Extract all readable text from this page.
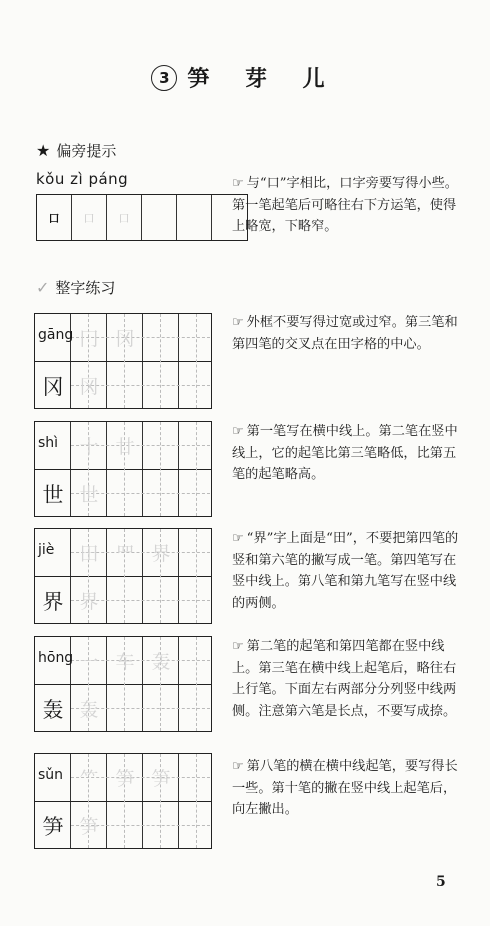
3 笋 芽 儿
★ 偏旁提示
kǒu zì páng
口	口	口
☞ 与“口”字相比，口字旁要写得小些。第一笔起笔后可略往右下方运笔，使得上略宽，下略窄。
✓ 整字练习
gāng
冈
冂 冈
冈
☞ 外框不要写得过宽或过窄。第三笔和第四笔的交叉点在田字格的中心。
shì
世
十 廿
世
☞ 第一笔写在横中线上。第二笔在竖中线上，它的起笔比第三笔略低，比第五笔的起笔略高。
jiè
界
田 罒 界
界
☞ “界”字上面是“田”，不要把第四笔的竖和第六笔的撇写成一笔。第四笔写在竖中线上。第八笔和第九笔写在竖中线的两侧。
hōng
轰
一 车 轰
轰
☞ 第二笔的起笔和第四笔都在竖中线上。第三笔在横中线上起笔后，略往右上行笔。下面左右两部分分列竖中线两侧。注意第六笔是长点，不要写成捺。
sǔn
笋
⺮ 笋 笋
笋
☞ 第八笔的横在横中线起笔，要写得长一些。第十笔的撇在竖中线上起笔后，向左撇出。
5
